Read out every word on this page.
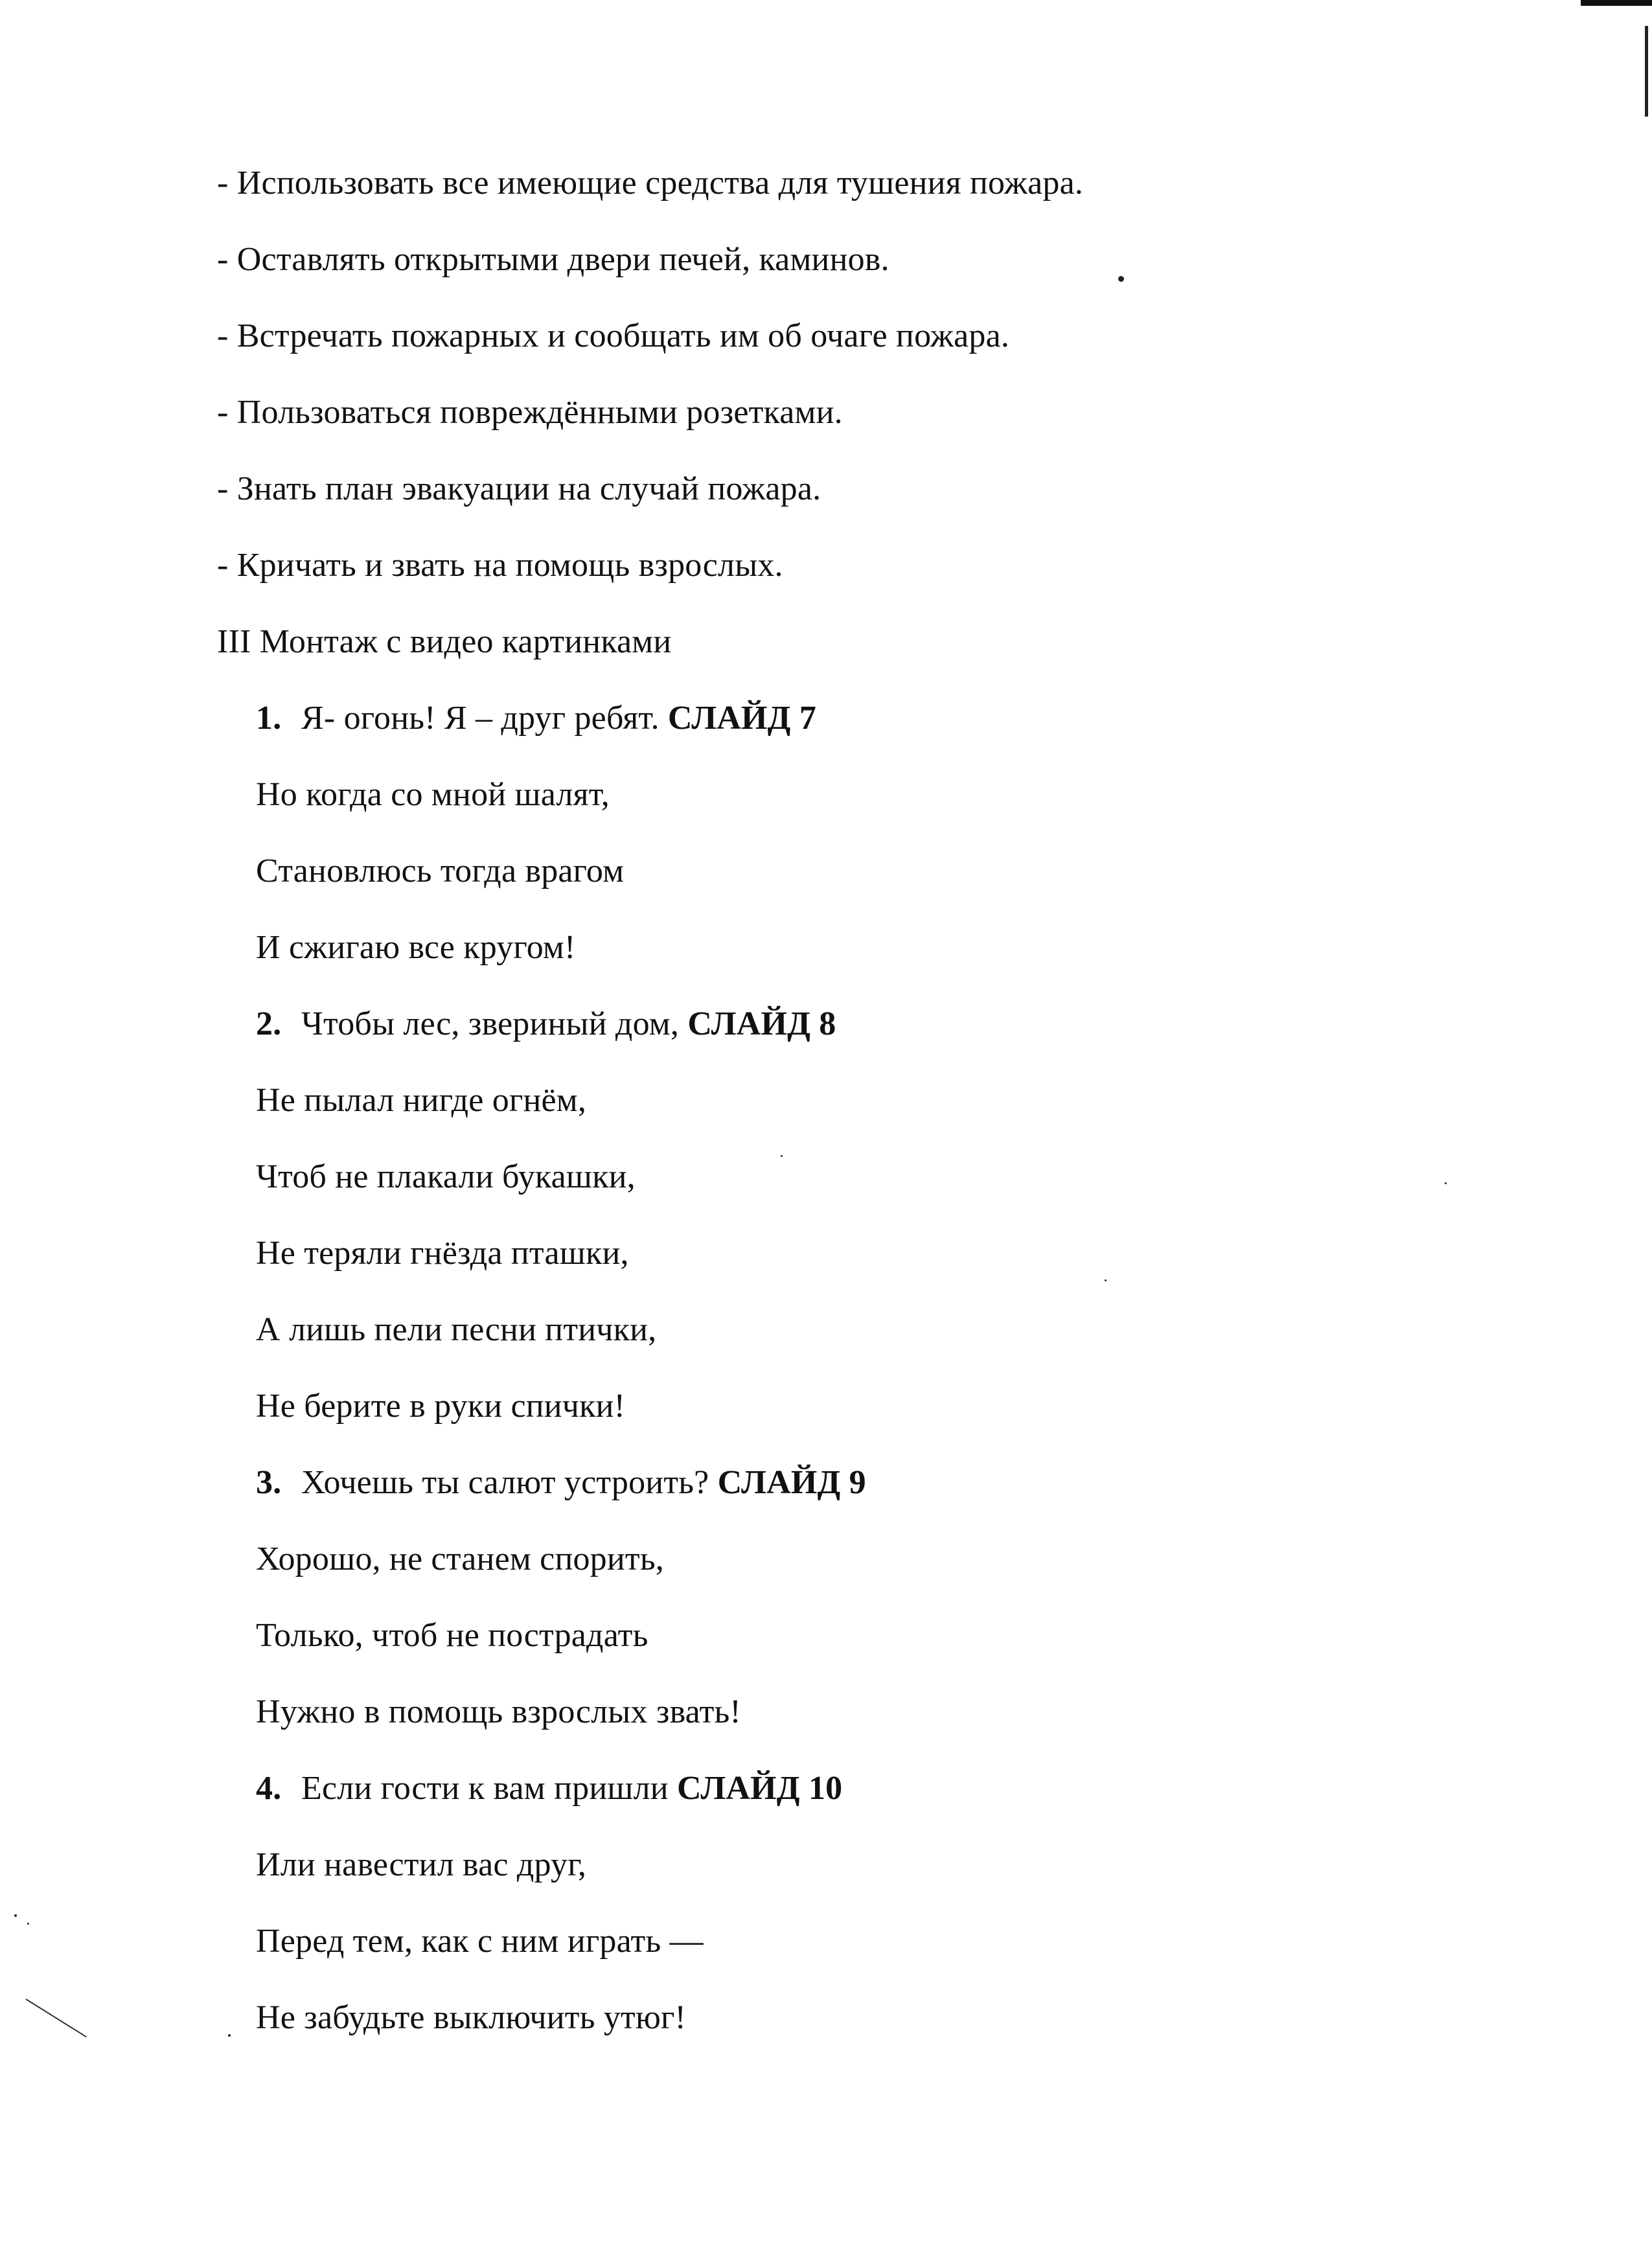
- Использовать все имеющие средства для тушения пожара.
- Оставлять открытыми двери печей, каминов.
- Встречать пожарных и сообщать им об очаге пожара.
- Пользоваться повреждёнными розетками.
- Знать план эвакуации на случай пожара.
- Кричать и звать на помощь взрослых.
III Монтаж с видео картинками
1. Я- огонь! Я – друг ребят. СЛАЙД 7
Но когда со мной шалят,
Становлюсь тогда врагом
И сжигаю все кругом!
2. Чтобы лес, звериный дом, СЛАЙД 8
Не пылал нигде огнём,
Чтоб не плакали букашки,
Не теряли гнёзда пташки,
А лишь пели песни птички,
Не берите в руки спички!
3. Хочешь ты салют устроить? СЛАЙД 9
Хорошо, не станем спорить,
Только, чтоб не пострадать
Нужно в помощь взрослых звать!
4. Если гости к вам пришли СЛАЙД 10
Или навестил вас друг,
Перед тем, как с ним играть —
Не забудьте выключить утюг!
